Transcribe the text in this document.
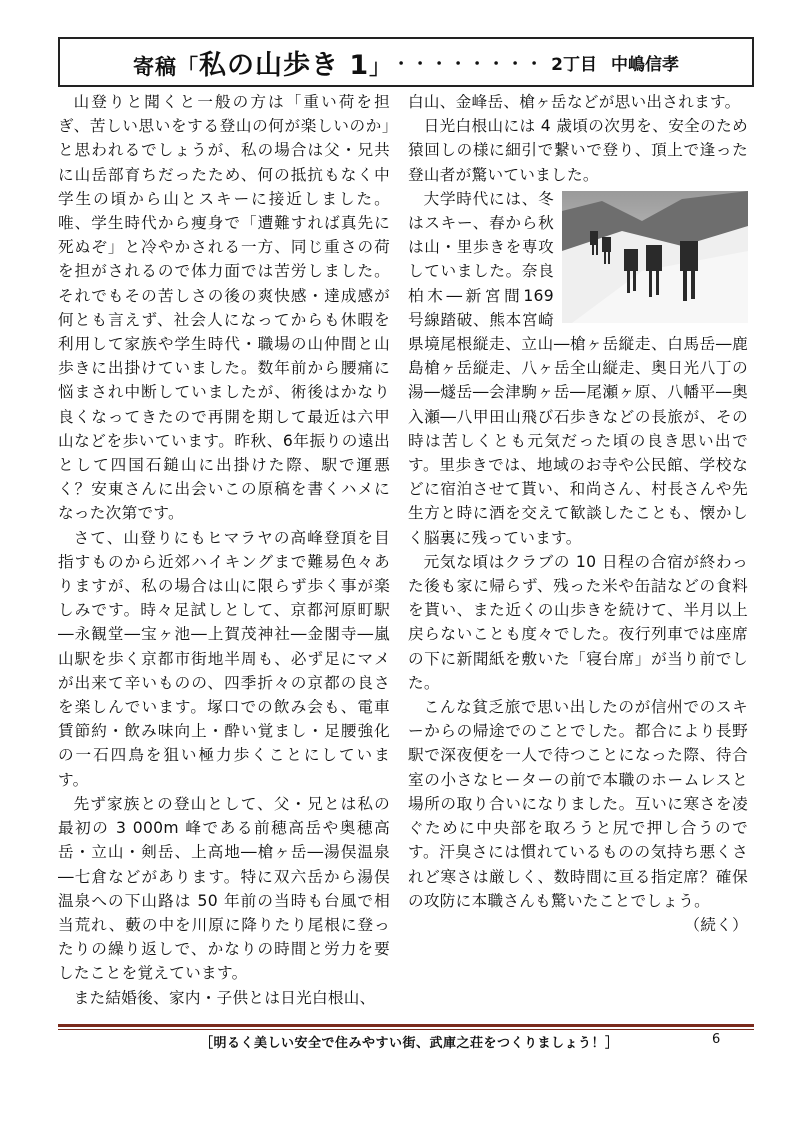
寄稿「私の山歩き 1」 ・・・・・・・・ 2丁目 中嶋信孝

山登りと聞くと一般の方は「重い荷を担ぎ、苦しい思いをする登山の何が楽しいのか」と思われるでしょうが、私の場合は父・兄共に山岳部育ちだったため、何の抵抗もなく中学生の頃から山とスキーに接近しました。唯、学生時代から痩身で「遭難すれば真先に死ぬぞ」と冷やかされる一方、同じ重さの荷を担がされるので体力面では苦労しました。それでもその苦しさの後の爽快感・達成感が何とも言えず、社会人になってからも休暇を利用して家族や学生時代・職場の山仲間と山歩きに出掛けていました。数年前から腰痛に悩まされ中断していましたが、術後はかなり良くなってきたので再開を期して最近は六甲山などを歩いています。昨秋、6年振りの遠出として四国石鎚山に出掛けた際、駅で運悪く？安東さんに出会いこの原稿を書くハメになった次第です。

さて、山登りにもヒマラヤの高峰登頂を目指すものから近郊ハイキングまで難易色々ありますが、私の場合は山に限らず歩く事が楽しみです。時々足試しとして、京都河原町駅―永観堂―宝ヶ池―上賀茂神社―金閣寺―嵐山駅を歩く京都市街地半周も、必ず足にマメが出来て辛いものの、四季折々の京都の良さを楽しんでいます。塚口での飲み会も、電車賃節約・飲み味向上・酔い覚まし・足腰強化の一石四鳥を狙い極力歩くことにしています。

先ず家族との登山として、父・兄とは私の最初の 3 000m 峰である前穂高岳や奥穂高岳・立山・剣岳、上高地―槍ヶ岳―湯俣温泉―七倉などがあります。特に双六岳から湯俣温泉への下山路は 50 年前の当時も台風で相当荒れ、藪の中を川原に降りたり尾根に登ったりの繰り返しで、かなりの時間と労力を要したことを覚えています。

また結婚後、家内・子供とは日光白根山、

白山、金峰岳、槍ヶ岳などが思い出されます。

日光白根山には 4 歳頃の次男を、安全のため猿回しの様に細引で繋いで登り、頂上で逢った登山者が驚いていました。

大学時代には、冬はスキー、春から秋は山・里歩きを専攻していました。奈良柏木―新宮間169 号線踏破、熊本宮崎県境尾根縦走、立山―槍ヶ岳縦走、白馬岳―鹿島槍ヶ岳縦走、八ヶ岳全山縦走、奥日光八丁の湯―燧岳―会津駒ヶ岳―尾瀬ヶ原、八幡平―奥入瀬―八甲田山飛び石歩きなどの長旅が、その時は苦しくとも元気だった頃の良き思い出です。里歩きでは、地域のお寺や公民館、学校などに宿泊させて貰い、和尚さん、村長さんや先生方と時に酒を交えて歓談したことも、懐かしく脳裏に残っています。

元気な頃はクラブの 10 日程の合宿が終わった後も家に帰らず、残った米や缶詰などの食料を貰い、また近くの山歩きを続けて、半月以上戻らないことも度々でした。夜行列車では座席の下に新聞紙を敷いた「寝台席」が当り前でした。

こんな貧乏旅で思い出したのが信州でのスキーからの帰途でのことでした。都合により長野駅で深夜便を一人で待つことになった際、待合室の小さなヒーターの前で本職のホームレスと場所の取り合いになりました。互いに寒さを凌ぐために中央部を取ろうと尻で押し合うのです。汗臭さには慣れているものの気持ち悪くされど寒さは厳しく、数時間に亘る指定席？確保の攻防に本職さんも驚いたことでしょう。

（続く）
［明るく美しい安全で住みやすい街、武庫之荘をつくりましょう！］	6
